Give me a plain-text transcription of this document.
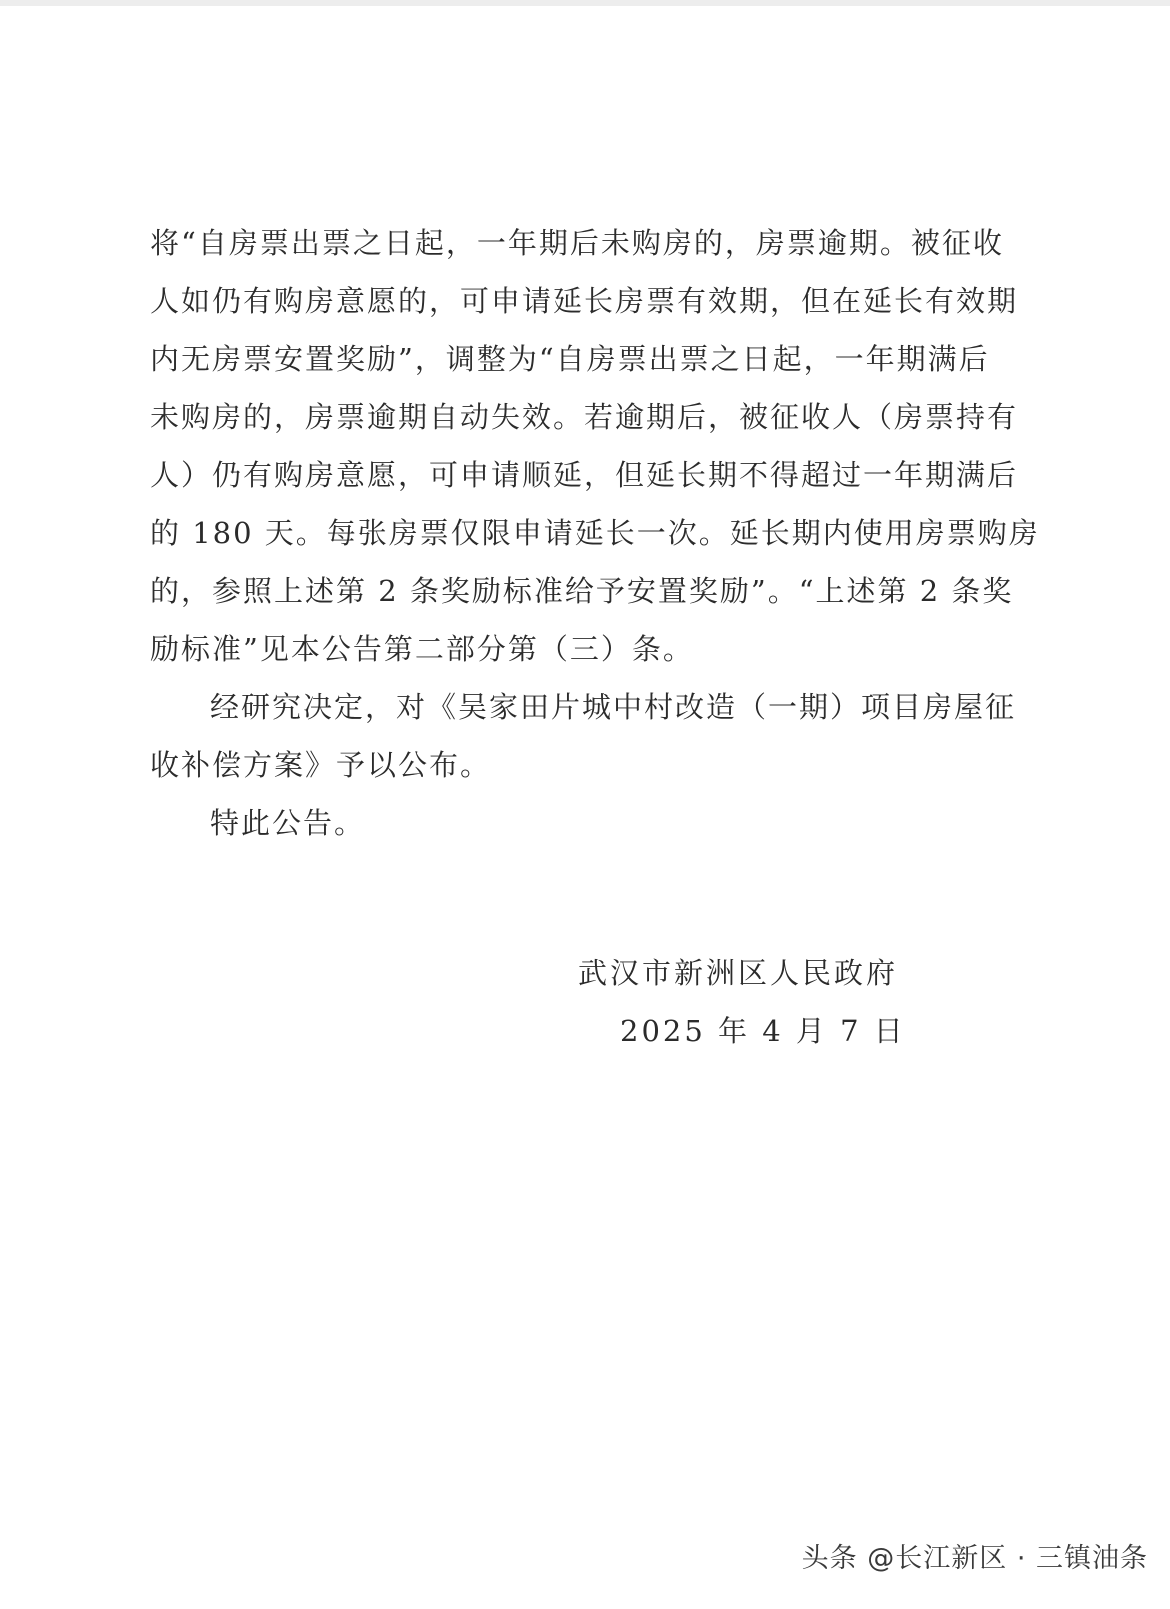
将“自房票出票之日起，一年期后未购房的，房票逾期。被征收
人如仍有购房意愿的，可申请延长房票有效期，但在延长有效期
内无房票安置奖励”，调整为“自房票出票之日起，一年期满后
未购房的，房票逾期自动失效。若逾期后，被征收人（房票持有
人）仍有购房意愿，可申请顺延，但延长期不得超过一年期满后
的 180 天。每张房票仅限申请延长一次。延长期内使用房票购房
的，参照上述第 2 条奖励标准给予安置奖励”。“上述第 2 条奖
励标准”见本公告第二部分第（三）条。
经研究决定，对《吴家田片城中村改造（一期）项目房屋征
收补偿方案》予以公布。
特此公告。
武汉市新洲区人民政府
2025 年 4 月 7 日
头条 @长江新区 · 三镇油条
